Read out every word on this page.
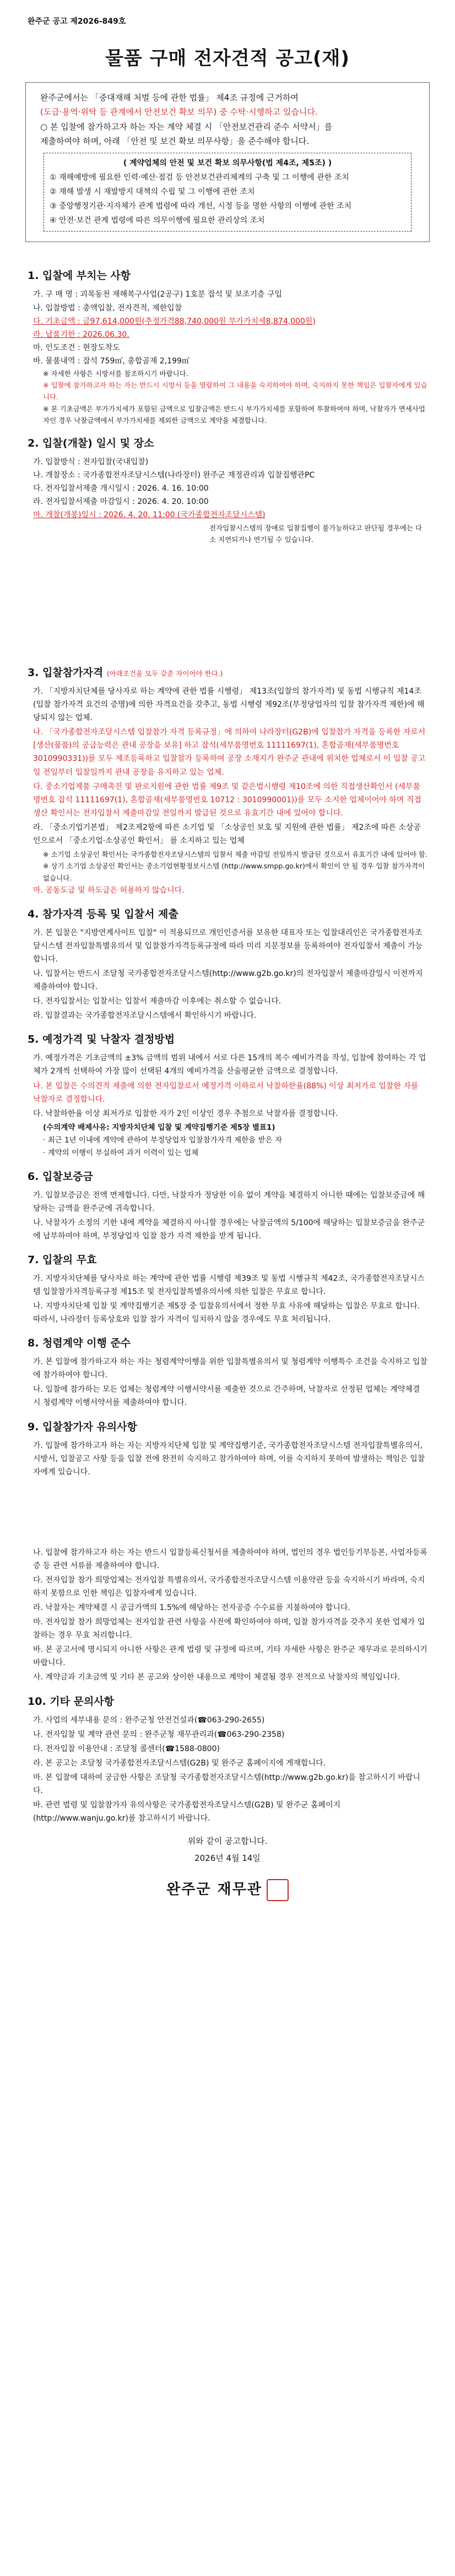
완주군 공고 제2026-849호
물품 구매 전자견적 공고(재)

완주군에서는 「중대재해 처벌 등에 관한 법률」 제4조 규정에 근거하여

(도급·용역·위탁 등 관계에서 안전보건 확보 의무) 중 수탁·시행하고 있습니다.

○ 본 입찰에 참가하고자 하는 자는 계약 체결 시 「안전보건관리 준수 서약서」를

제출하여야 하며, 아래 「안전 및 보건 확보 의무사항」을 준수해야 합니다.

( 계약업체의 안전 및 보건 확보 의무사항(법 제4조, 제5조) )
① 재해예방에 필요한 인력·예산·점검 등 안전보건관리체계의 구축 및 그 이행에 관한 조치
② 재해 발생 시 재발방지 대책의 수립 및 그 이행에 관한 조치
③ 중앙행정기관·지자체가 관계 법령에 따라 개선, 시정 등을 명한 사항의 이행에 관한 조치
④ 안전·보건 관계 법령에 따른 의무이행에 필요한 관리상의 조치
1. 입찰에 부치는 사항
가. 구 매 명 : 괴목동천 재해복구사업(2공구) 1호분 잡석 및 보조기층 구입
나. 입찰방법 : 총액입찰, 전자견적, 제한입찰
다. 기초금액 : 금97,614,000원(추정가격88,740,000원 부가가치세8,874,000원)
라. 납품기한 : 2026.06.30.
마. 인도조건 : 현장도착도
바. 물품내역 : 잡석 759㎥, 총합골재 2,199㎥
※ 자세한 사항은 시방서를 참조하시기 바랍니다.
※ 입찰에 참가하고자 하는 자는 반드시 시방서 등을 열람하여 그 내용을 숙지하여야 하며, 숙지하지 못한 책임은 입찰자에게 있습니다.
※ 본 기초금액은 부가가치세가 포함된 금액으로 입찰금액은 반드시 부가가치세를 포함하여 투찰하여야 하며, 낙찰자가 면세사업자인 경우 낙찰금액에서 부가가치세를 제외한 금액으로 계약을 체결합니다.
2. 입찰(개찰) 일시 및 장소
가. 입찰방식 : 전자입찰(국내입찰)
나. 개찰장소 : 국가종합전자조달시스템(나라장터) 완주군 재정관리과 입찰집행관PC
다. 전자입찰서제출 개시일시 : 2026. 4. 16. 10:00
라. 전자입찰서제출 마감일시 : 2026. 4. 20. 10:00
마. 개찰(개봉)일시 : 2026. 4. 20. 11:00 (국가종합전자조달시스템)
전자입찰시스템의 장애로 입찰집행이 불가능하다고 판단될 경우에는 다소 지연되거나 연기될 수 있습니다.
3. 입찰참가자격 (아래조건을 모두 갖춘 자이어야 한다.)
가. 「지방자치단체를 당사자로 하는 계약에 관한 법률 시행령」 제13조(입찰의 참가자격) 및 동법 시행규칙 제14조(입찰 참가자격 요건의 증명)에 의한 자격요건을 갖추고, 동법 시행령 제92조(부정당업자의 입찰 참가자격 제한)에 해당되지 않는 업체.
나. 「국가종합전자조달시스템 입찰참가 자격 등록규정」에 의하여 나라장터(G2B)에 입찰참가 자격을 등록한 자로서 [생산(물품)의 공급능력은 관내 공장을 보유] 하고 잡석(세부품명번호 11111697(1), 혼합골재(세부품명번호 3010990331))를 모두 제조등록하고 입찰참가 등록하여 공장 소재지가 완주군 관내에 위치한 업체로서 이 입찰 공고일 전일부터 입찰일까지 관내 공장을 유지하고 있는 업체.
다. 중소기업제품 구매촉진 및 판로지원에 관한 법률 제9조 및 같은법시행령 제10조에 의한 직접생산확인서 (세부품명번호 잡석 11111697(1), 혼합골재(세부품명번호 10712 : 3010990001))를 모두 소지한 업체이어야 하며 직접생산 확인서는 전자입찰서 제출마감일 전일까지 발급된 것으로 유효기간 내에 있어야 합니다.
라. 「중소기업기본법」 제2조제2항에 따른 소기업 및 「소상공인 보호 및 지원에 관한 법률」 제2조에 따른 소상공인으로서 「중소기업·소상공인 확인서」 를 소지하고 있는 업체
※ 소기업 소상공인 확인서는 국가종합전자조달시스템의 입찰서 제출 마감일 전일까지 발급된 것으로서 유효기간 내에 있어야 함.
※ 상기 소기업 소상공인 확인서는 중소기업현황정보시스템 (http://www.smpp.go.kr)에서 확인이 안 될 경우 입찰 참가자격이 없습니다.
마. 공동도급 및 하도급은 허용하지 않습니다.
4. 참가자격 등록 및 입찰서 제출
가. 본 입찰은 "지방연계사이트 입찰" 이 적용되므로 개인인증서를 보유한 대표자 또는 입찰대리인은 국가종합전자조달시스템 전자입찰특별유의서 및 입찰참가자격등록규정에 따라 미리 지문정보를 등록하여야 전자입찰서 제출이 가능합니다.
나. 입찰서는 반드시 조달청 국가종합전자조달시스템(http://www.g2b.go.kr)의 전자입찰서 제출마감일시 이전까지 제출하여야 합니다.
다. 전자입찰서는 입찰서는 입찰서 제출마감 이후에는 취소할 수 없습니다.
라. 입찰결과는 국가종합전자조달시스템에서 확인하시기 바랍니다.
5. 예정가격 및 낙찰자 결정방법
가. 예정가격은 기초금액의 ±3% 금액의 범위 내에서 서로 다른 15개의 복수 예비가격을 작성, 입찰에 참여하는 각 업체가 2개씩 선택하여 가장 많이 선택된 4개의 예비가격을 산술평균한 금액으로 결정합니다.
나. 본 입찰은 수의견적 제출에 의한 전자입찰로서 예정가격 이하로서 낙찰하한율(88%) 이상 최저가로 입찰한 자를 낙찰자로 결정합니다.
다. 낙찰하한율 이상 최저가로 입찰한 자가 2인 이상인 경우 추첨으로 낙찰자를 결정합니다.
(수의계약 배제사유: 지방자치단체 입찰 및 계약집행기준 제5장 별표1)
· 최근 1년 이내에 계약에 관하여 부정당업자 입찰참가자격 제한을 받은 자
· 계약의 이행이 부실하여 과거 이력이 있는 업체
6. 입찰보증금
가. 입찰보증금은 전액 면제합니다. 다만, 낙찰자가 정당한 이유 없이 계약을 체결하지 아니한 때에는 입찰보증금에 해당하는 금액을 완주군에 귀속합니다.
나. 낙찰자가 소정의 기한 내에 계약을 체결하지 아니할 경우에는 낙찰금액의 5/100에 해당하는 입찰보증금을 완주군에 납부하여야 하며, 부정당업자 입찰 참가 자격 제한을 받게 됩니다.
7. 입찰의 무효
가. 지방자치단체를 당사자로 하는 계약에 관한 법률 시행령 제39조 및 동법 시행규칙 제42조, 국가종합전자조달시스템 입찰참가자격등록규정 제15조 및 전자입찰특별유의서에 의한 입찰은 무효로 합니다.
나. 지방자치단체 입찰 및 계약집행기준 제5장 중 입찰유의서에서 정한 무효 사유에 해당하는 입찰은 무효로 합니다. 따라서, 나라장터 등록상호와 입찰 참가 자격이 일치하지 않을 경우에도 무효 처리됩니다.
8. 청렴계약 이행 준수
가. 본 입찰에 참가하고자 하는 자는 청렴계약이행을 위한 입찰특별유의서 및 청렴계약 이행특수 조건을 숙지하고 입찰에 참가하여야 합니다.
나. 입찰에 참가하는 모든 업체는 청렴계약 이행서약서를 제출한 것으로 간주하며, 낙찰자로 선정된 업체는 계약체결 시 청렴계약 이행서약서를 제출하여야 합니다.
9. 입찰참가자 유의사항
가. 입찰에 참가하고자 하는 자는 지방자치단체 입찰 및 계약집행기준, 국가종합전자조달시스템 전자입찰특별유의서, 시방서, 입찰공고 사항 등을 입찰 전에 완전히 숙지하고 참가하여야 하며, 이를 숙지하지 못하여 발생하는 책임은 입찰자에게 있습니다.
나. 입찰에 참가하고자 하는 자는 반드시 입찰등록신청서를 제출하여야 하며, 법인의 경우 법인등기부등본, 사업자등록증 등 관련 서류를 제출하여야 합니다.
다. 전자입찰 참가 희망업체는 전자입찰 특별유의서, 국가종합전자조달시스템 이용약관 등을 숙지하시기 바라며, 숙지하지 못함으로 인한 책임은 입찰자에게 있습니다.
라. 낙찰자는 계약체결 시 공급가액의 1.5%에 해당하는 전자공증 수수료를 지불하여야 합니다.
마. 전자입찰 참가 희망업체는 전자입찰 관련 사항을 사전에 확인하여야 하며, 입찰 참가자격을 갖추지 못한 업체가 입찰하는 경우 무효 처리합니다.
바. 본 공고서에 명시되지 아니한 사항은 관계 법령 및 규정에 따르며, 기타 자세한 사항은 완주군 재무과로 문의하시기 바랍니다.
사. 계약금과 기초금액 및 기타 본 공고와 상이한 내용으로 계약이 체결될 경우 전적으로 낙찰자의 책임입니다.
10. 기타 문의사항
가. 사업의 세부내용 문의 : 완주군청 안전건설과(☎063-290-2655)
나. 전자입찰 및 계약 관련 문의 : 완주군청 재무관리과(☎063-290-2358)
다. 전자입찰 이용안내 : 조달청 콜센터(☎1588-0800)
라. 본 공고는 조달청 국가종합전자조달시스템(G2B) 및 완주군 홈페이지에 게재합니다.
마. 본 입찰에 대하여 궁금한 사항은 조달청 국가종합전자조달시스템(http://www.g2b.go.kr)을 참고하시기 바랍니다.
바. 관련 법령 및 입찰참가자 유의사항은 국가종합전자조달시스템(G2B) 및 완주군 홈페이지(http://www.wanju.go.kr)를 참고하시기 바랍니다.
위와 같이 공고합니다.
2026년 4월 14일
완주군 재무관
